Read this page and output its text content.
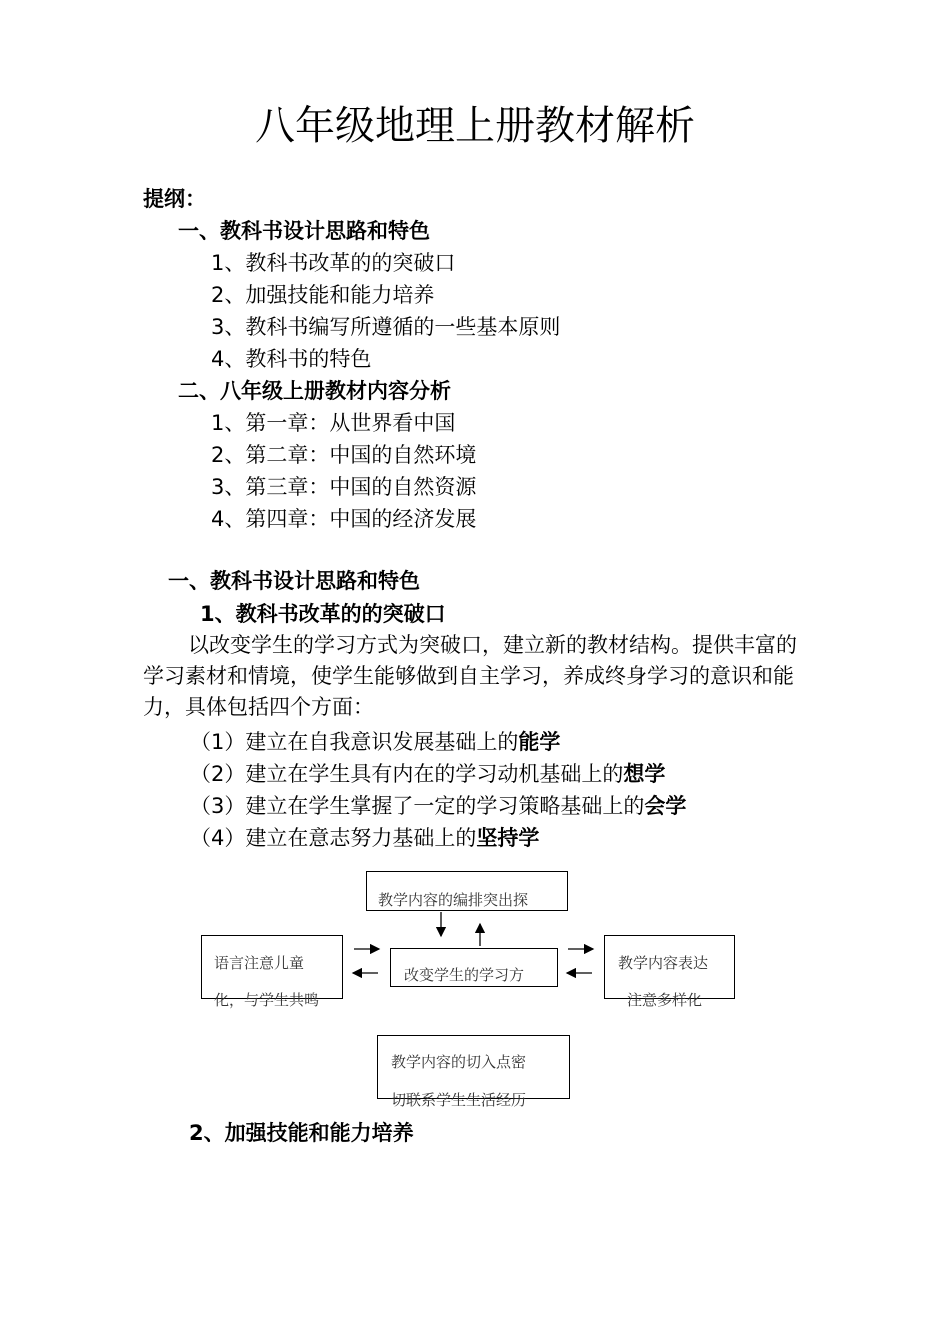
八年级地理上册教材解析
提纲：
一、教科书设计思路和特色
1、教科书改革的的突破口
2、加强技能和能力培养
3、教科书编写所遵循的一些基本原则
4、教科书的特色
二、八年级上册教材内容分析
1、第一章：从世界看中国
2、第二章：中国的自然环境
3、第三章：中国的自然资源
4、第四章：中国的经济发展
一、教科书设计思路和特色
1、教科书改革的的突破口
以改变学生的学习方式为突破口，建立新的教材结构。提供丰富的学习素材和情境，使学生能够做到自主学习，养成终身学习的意识和能力，具体包括四个方面：
（1）建立在自我意识发展基础上的能学
（2）建立在学生具有内在的学习动机基础上的想学
（3）建立在学生掌握了一定的学习策略基础上的会学
（4）建立在意志努力基础上的坚持学
教学内容的编排突出探
改变学生的学习方
语言注意儿童
化，与学生共鸣
教学内容表达
注意多样化
教学内容的切入点密
切联系学生生活经历
2、加强技能和能力培养
